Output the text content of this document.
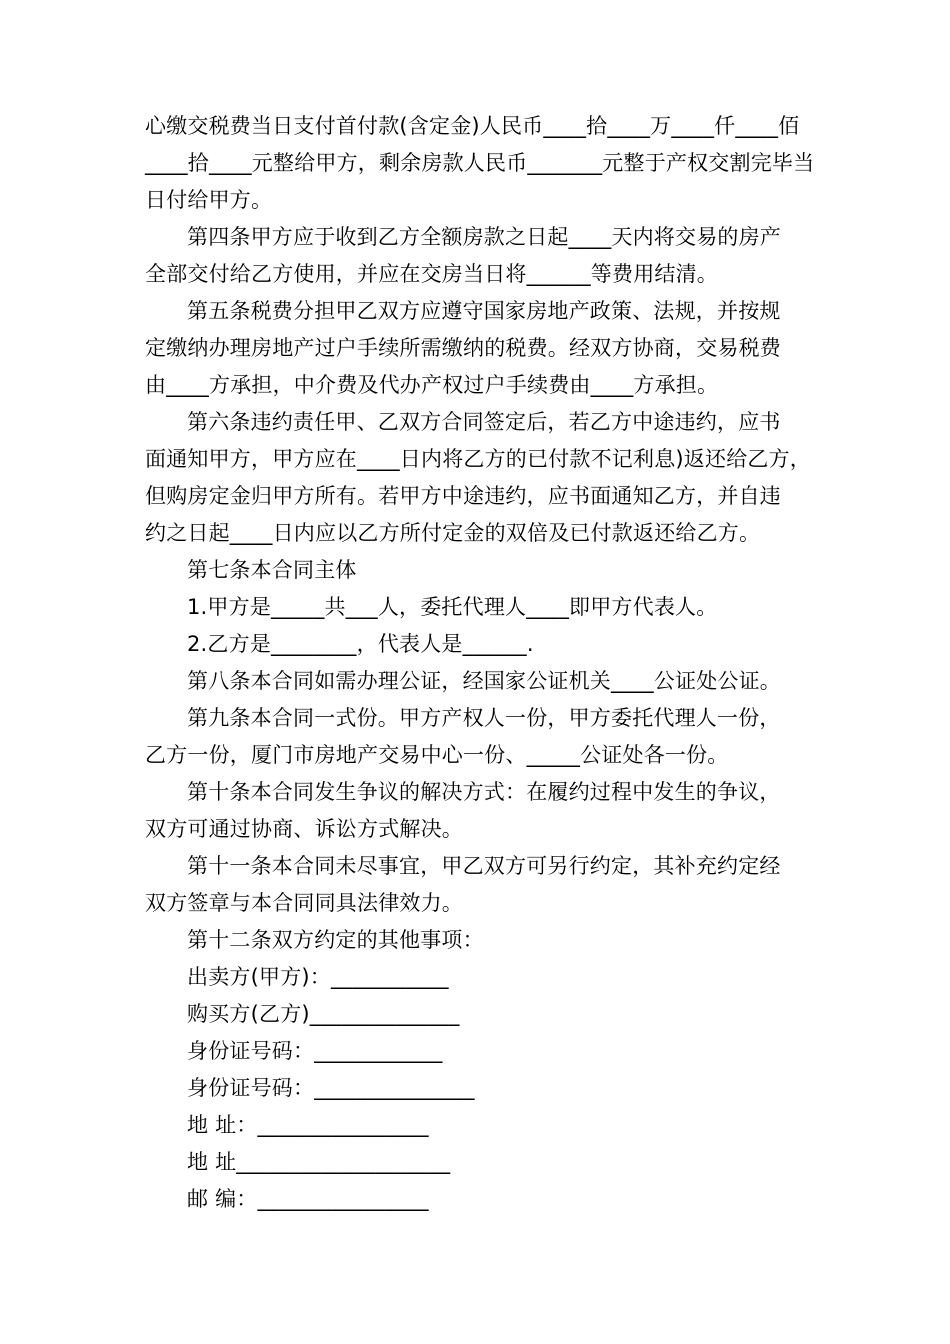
心缴交税费当日支付首付款(含定金)人民币____拾____万____仟____佰
____拾____元整给甲方，剩余房款人民币_______元整于产权交割完毕当
日付给甲方。
第四条甲方应于收到乙方全额房款之日起____天内将交易的房产
全部交付给乙方使用，并应在交房当日将______等费用结清。
第五条税费分担甲乙双方应遵守国家房地产政策、法规，并按规
定缴纳办理房地产过户手续所需缴纳的税费。经双方协商，交易税费
由____方承担，中介费及代办产权过户手续费由____方承担。
第六条违约责任甲、乙双方合同签定后，若乙方中途违约，应书
面通知甲方，甲方应在____日内将乙方的已付款不记利息)返还给乙方，
但购房定金归甲方所有。若甲方中途违约，应书面通知乙方，并自违
约之日起____日内应以乙方所付定金的双倍及已付款返还给乙方。
第七条本合同主体
1.甲方是_____共___人，委托代理人____即甲方代表人。
2.乙方是________，代表人是______.
第八条本合同如需办理公证，经国家公证机关____公证处公证。
第九条本合同一式份。甲方产权人一份，甲方委托代理人一份，
乙方一份，厦门市房地产交易中心一份、_____公证处各一份。
第十条本合同发生争议的解决方式：在履约过程中发生的争议，
双方可通过协商、诉讼方式解决。
第十一条本合同未尽事宜，甲乙双方可另行约定，其补充约定经
双方签章与本合同同具法律效力。
第十二条双方约定的其他事项：
出卖方(甲方)：___________
购买方(乙方)______________
身份证号码：____________
身份证号码：_______________
地 址：________________
地 址____________________
邮 编：________________
